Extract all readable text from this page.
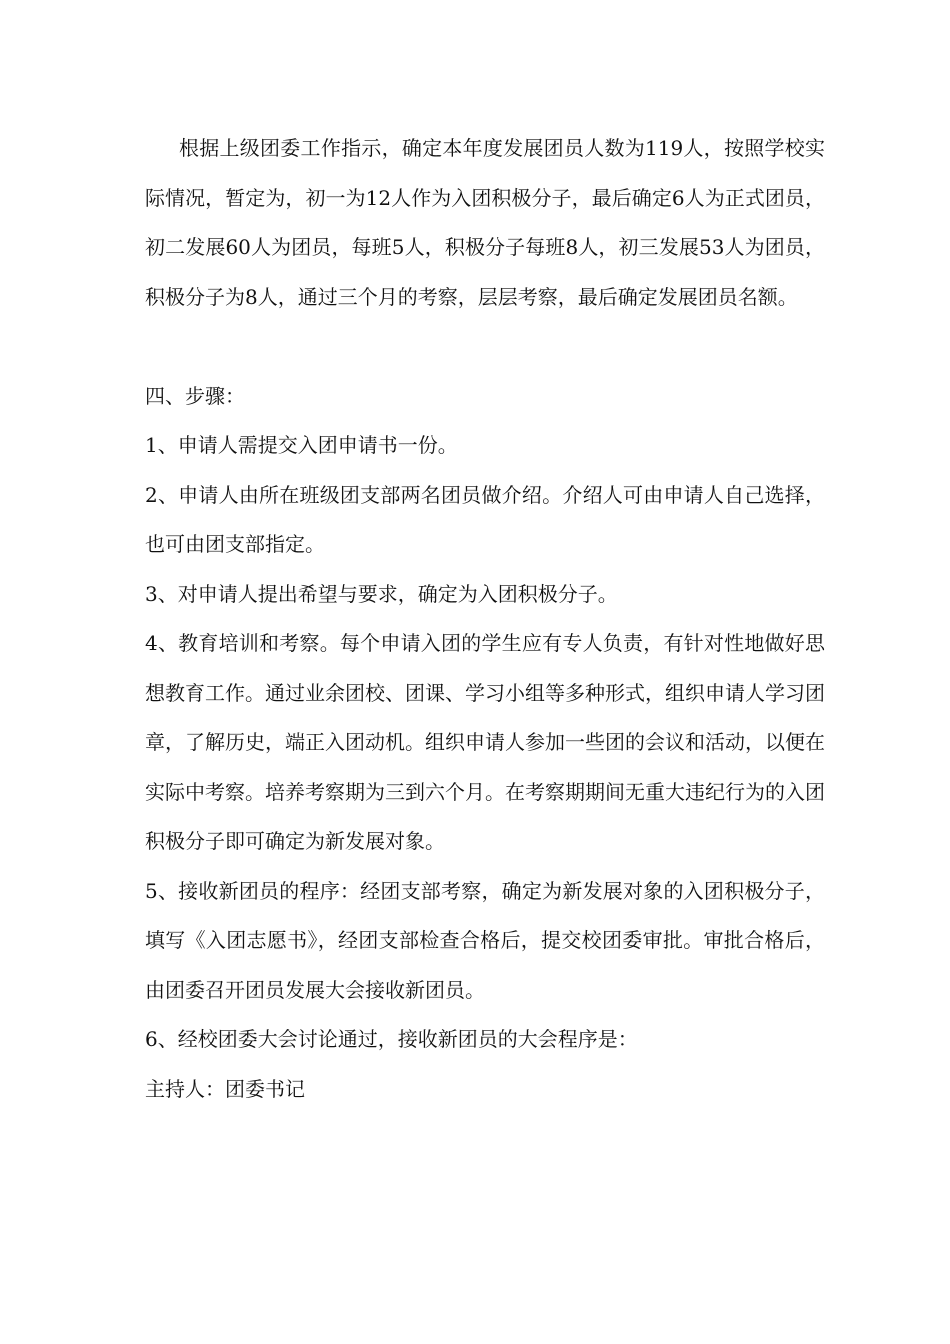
根据上级团委工作指示，确定本年度发展团员人数为119人，按照学校实际情况，暂定为，初一为12人作为入团积极分子，最后确定6人为正式团员，初二发展60人为团员，每班5人，积极分子每班8人，初三发展53人为团员，积极分子为8人，通过三个月的考察，层层考察，最后确定发展团员名额。

四、步骤：

1、申请人需提交入团申请书一份。

2、申请人由所在班级团支部两名团员做介绍。介绍人可由申请人自己选择，也可由团支部指定。

3、对申请人提出希望与要求，确定为入团积极分子。

4、教育培训和考察。每个申请入团的学生应有专人负责，有针对性地做好思想教育工作。通过业余团校、团课、学习小组等多种形式，组织申请人学习团章，了解历史，端正入团动机。组织申请人参加一些团的会议和活动，以便在实际中考察。培养考察期为三到六个月。在考察期期间无重大违纪行为的入团积极分子即可确定为新发展对象。

5、接收新团员的程序：经团支部考察，确定为新发展对象的入团积极分子，填写《入团志愿书》，经团支部检查合格后，提交校团委审批。审批合格后，由团委召开团员发展大会接收新团员。

6、经校团委大会讨论通过，接收新团员的大会程序是：

主持人：团委书记
